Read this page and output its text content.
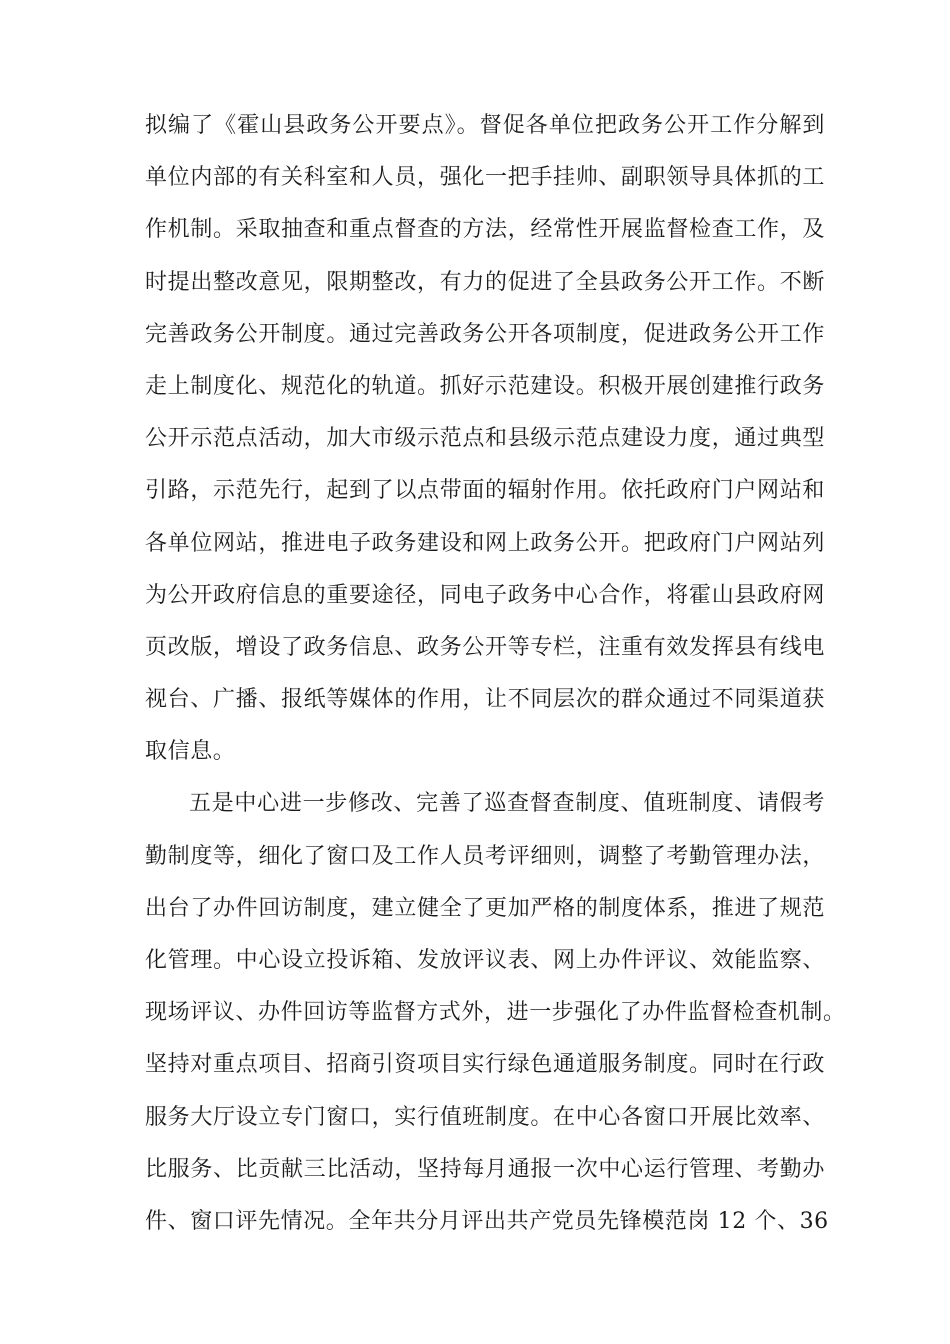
拟编了《霍山县政务公开要点》。督促各单位把政务公开工作分解到
单位内部的有关科室和人员，强化一把手挂帅、副职领导具体抓的工
作机制。采取抽查和重点督查的方法，经常性开展监督检查工作，及
时提出整改意见，限期整改，有力的促进了全县政务公开工作。不断
完善政务公开制度。通过完善政务公开各项制度，促进政务公开工作
走上制度化、规范化的轨道。抓好示范建设。积极开展创建推行政务
公开示范点活动，加大市级示范点和县级示范点建设力度，通过典型
引路，示范先行，起到了以点带面的辐射作用。依托政府门户网站和
各单位网站，推进电子政务建设和网上政务公开。把政府门户网站列
为公开政府信息的重要途径，同电子政务中心合作，将霍山县政府网
页改版，增设了政务信息、政务公开等专栏，注重有效发挥县有线电
视台、广播、报纸等媒体的作用，让不同层次的群众通过不同渠道获
取信息。
五是中心进一步修改、完善了巡查督查制度、值班制度、请假考
勤制度等，细化了窗口及工作人员考评细则，调整了考勤管理办法，
出台了办件回访制度，建立健全了更加严格的制度体系，推进了规范
化管理。中心设立投诉箱、发放评议表、网上办件评议、效能监察、
现场评议、办件回访等监督方式外，进一步强化了办件监督检查机制。
坚持对重点项目、招商引资项目实行绿色通道服务制度。同时在行政
服务大厅设立专门窗口，实行值班制度。在中心各窗口开展比效率、
比服务、比贡献三比活动，坚持每月通报一次中心运行管理、考勤办
件、窗口评先情况。全年共分月评出共产党员先锋模范岗 12 个、36
